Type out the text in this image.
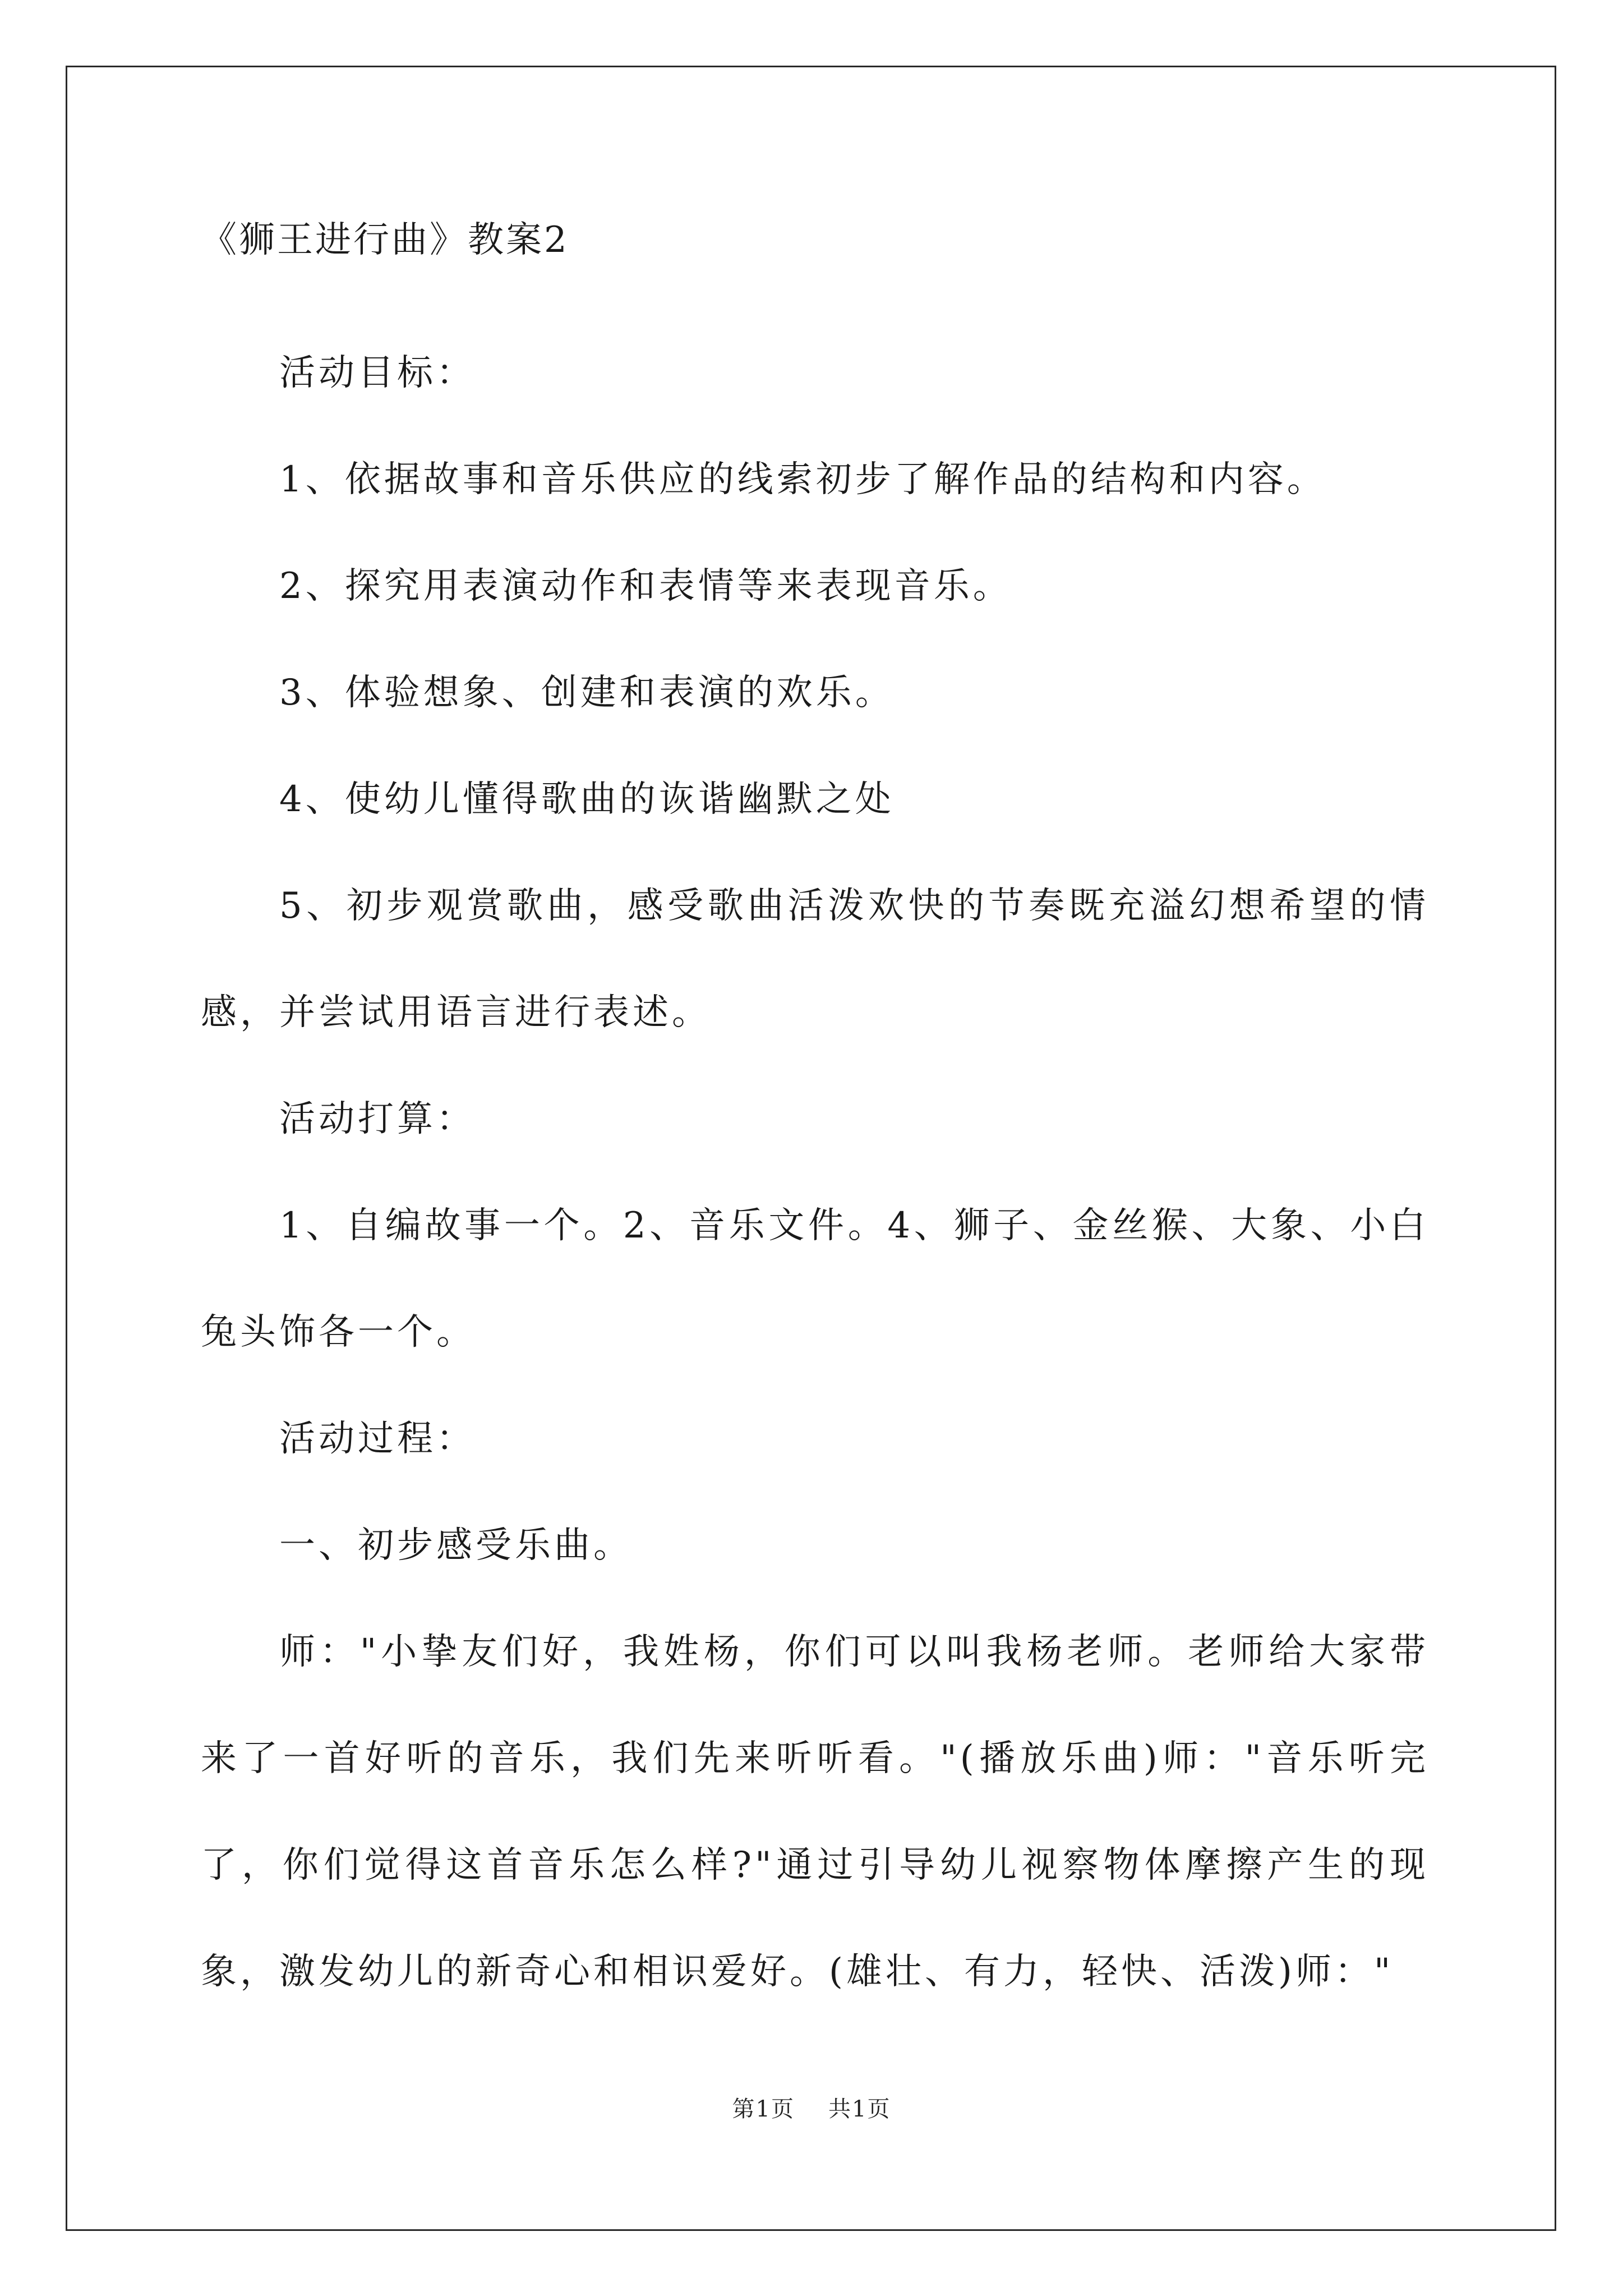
《狮王进行曲》教案2

活动目标：

1、依据故事和音乐供应的线索初步了解作品的结构和内容。

2、探究用表演动作和表情等来表现音乐。

3、体验想象、创建和表演的欢乐。

4、使幼儿懂得歌曲的诙谐幽默之处

5、初步观赏歌曲，感受歌曲活泼欢快的节奏既充溢幻想希望的情感，并尝试用语言进行表述。

活动打算：

1、自编故事一个。2、音乐文件。4、狮子、金丝猴、大象、小白兔头饰各一个。

活动过程：

一、初步感受乐曲。

师："小挚友们好，我姓杨，你们可以叫我杨老师。老师给大家带来了一首好听的音乐，我们先来听听看。"(播放乐曲)师："音乐听完了，你们觉得这首音乐怎么样?"通过引导幼儿视察物体摩擦产生的现象，激发幼儿的新奇心和相识爱好。(雄壮、有力，轻快、活泼)师："

第1页 共1页
